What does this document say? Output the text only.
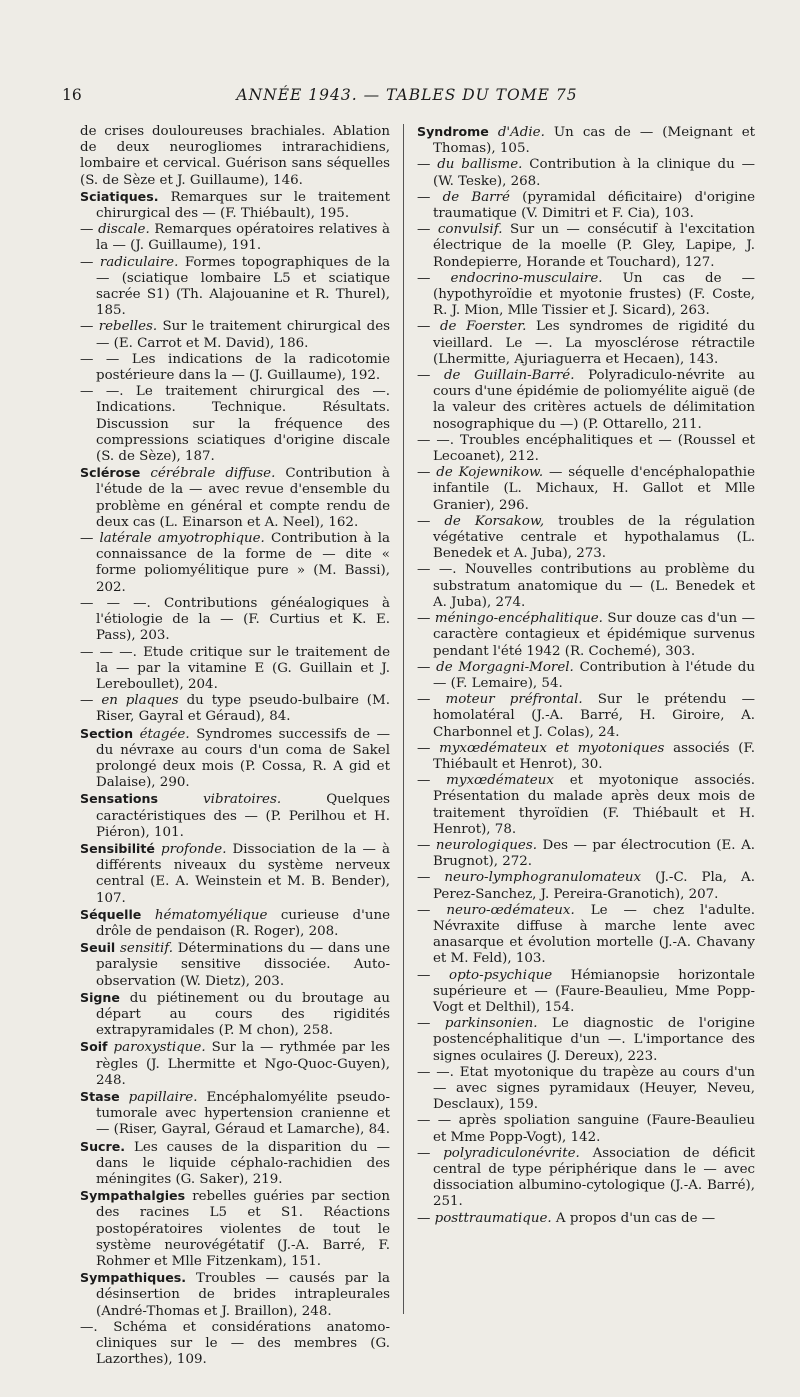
16	ANNÉE 1943. — TABLES DU TOME 75

de crises douloureuses brachiales. Ablation de deux neurogliomes intrarachidiens, lombaire et cervical. Guérison sans séquelles (S. de Sèze et J. Guillaume), 146.

Sciatiques. Remarques sur le traitement chirurgical des — (F. Thiébault), 195.

— discale. Remarques opératoires relatives à la — (J. Guillaume), 191.

— radiculaire. Formes topographiques de la — (sciatique lombaire L5 et sciatique sacrée S1) (Th. Alajouanine et R. Thurel), 185.

— rebelles. Sur le traitement chirurgical des — (E. Carrot et M. David), 186.

— — Les indications de la radicotomie postérieure dans la — (J. Guillaume), 192.

— —. Le traitement chirurgical des —. Indications. Technique. Résultats. Discussion sur la fréquence des compressions sciatiques d'origine discale (S. de Sèze), 187.

Sclérose cérébrale diffuse. Contribution à l'étude de la — avec revue d'ensemble du problème en général et compte rendu de deux cas (L. Einarson et A. Neel), 162.

— latérale amyotrophique. Contribution à la connaissance de la forme de — dite « forme poliomyélitique pure » (M. Bassi), 202.

— — —. Contributions généalogiques à l'étiologie de la — (F. Curtius et K. E. Pass), 203.

— — —. Etude critique sur le traitement de la — par la vitamine E (G. Guillain et J. Lereboullet), 204.

— en plaques du type pseudo-bulbaire (M. Riser, Gayral et Géraud), 84.

Section étagée. Syndromes successifs de — du névraxe au cours d'un coma de Sakel prolongé deux mois (P. Cossa, R. A gid et Dalaise), 290.

Sensations vibratoires. Quelques caractéristiques des — (P. Perilhou et H. Piéron), 101.

Sensibilité profonde. Dissociation de la — à différents niveaux du système nerveux central (E. A. Weinstein et M. B. Bender), 107.

Séquelle hématomyélique curieuse d'une drôle de pendaison (R. Roger), 208.

Seuil sensitif. Déterminations du — dans une paralysie sensitive dissociée. Auto-observation (W. Dietz), 203.

Signe du piétinement ou du broutage au départ au cours des rigidités extrapyramidales (P. M chon), 258.

Soif paroxystique. Sur la — rythmée par les règles (J. Lhermitte et Ngo-Quoc-Guyen), 248.

Stase papillaire. Encéphalomyélite pseudo-tumorale avec hypertension cranienne et — (Riser, Gayral, Géraud et Lamarche), 84.

Sucre. Les causes de la disparition du — dans le liquide céphalo-rachidien des méningites (G. Saker), 219.

Sympathalgies rebelles guéries par section des racines L5 et S1. Réactions postopératoires violentes de tout le système neurovégétatif (J.-A. Barré, F. Rohmer et Mlle Fitzenkam), 151.

Sympathiques. Troubles — causés par la désinsertion de brides intrapleurales (André-Thomas et J. Braillon), 248.

—. Schéma et considérations anatomo-cliniques sur le — des membres (G. Lazorthes), 109.

Syndrome d'Adie. Un cas de — (Meignant et Thomas), 105.

— du ballisme. Contribution à la clinique du — (W. Teske), 268.

— de Barré (pyramidal déficitaire) d'origine traumatique (V. Dimitri et F. Cia), 103.

— convulsif. Sur un — consécutif à l'excitation électrique de la moelle (P. Gley, Lapipe, J. Rondepierre, Horande et Touchard), 127.

— endocrino-musculaire. Un cas de — (hypothyroïdie et myotonie frustes) (F. Coste, R. J. Mion, Mlle Tissier et J. Sicard), 263.

— de Foerster. Les syndromes de rigidité du vieillard. Le —. La myosclérose rétractile (Lhermitte, Ajuriaguerra et Hecaen), 143.

— de Guillain-Barré. Polyradiculo-névrite au cours d'une épidémie de poliomyélite aiguë (de la valeur des critères actuels de délimitation nosographique du —) (P. Ottarello, 211.

— —. Troubles encéphalitiques et — (Roussel et Lecoanet), 212.

— de Kojewnikow. — séquelle d'encéphalopathie infantile (L. Michaux, H. Gallot et Mlle Granier), 296.

— de Korsakow, troubles de la régulation végétative centrale et hypothalamus (L. Benedek et A. Juba), 273.

— —. Nouvelles contributions au problème du substratum anatomique du — (L. Benedek et A. Juba), 274.

— méningo-encéphalitique. Sur douze cas d'un — caractère contagieux et épidémique survenus pendant l'été 1942 (R. Cochemé), 303.

— de Morgagni-Morel. Contribution à l'étude du — (F. Lemaire), 54.

— moteur préfrontal. Sur le prétendu — homolatéral (J.-A. Barré, H. Giroire, A. Charbonnel et J. Colas), 24.

— myxœdémateux et myotoniques associés (F. Thiébault et Henrot), 30.

— myxœdémateux et myotonique associés. Présentation du malade après deux mois de traitement thyroïdien (F. Thiébault et H. Henrot), 78.

— neurologiques. Des — par électrocution (E. A. Brugnot), 272.

— neuro-lymphogranulomateux (J.-C. Pla, A. Perez-Sanchez, J. Pereira-Granotich), 207.

— neuro-œdémateux. Le — chez l'adulte. Névraxite diffuse à marche lente avec anasarque et évolution mortelle (J.-A. Chavany et M. Feld), 103.

— opto-psychique Hémianopsie horizontale supérieure et — (Faure-Beaulieu, Mme Popp-Vogt et Delthil), 154.

— parkinsonien. Le diagnostic de l'origine postencéphalitique d'un —. L'importance des signes oculaires (J. Dereux), 223.

— —. Etat myotonique du trapèze au cours d'un — avec signes pyramidaux (Heuyer, Neveu, Desclaux), 159.

— — après spoliation sanguine (Faure-Beaulieu et Mme Popp-Vogt), 142.

— polyradiculonévrite. Association de déficit central de type périphérique dans le — avec dissociation albumino-cytologique (J.-A. Barré), 251.

— posttraumatique. A propos d'un cas de —
